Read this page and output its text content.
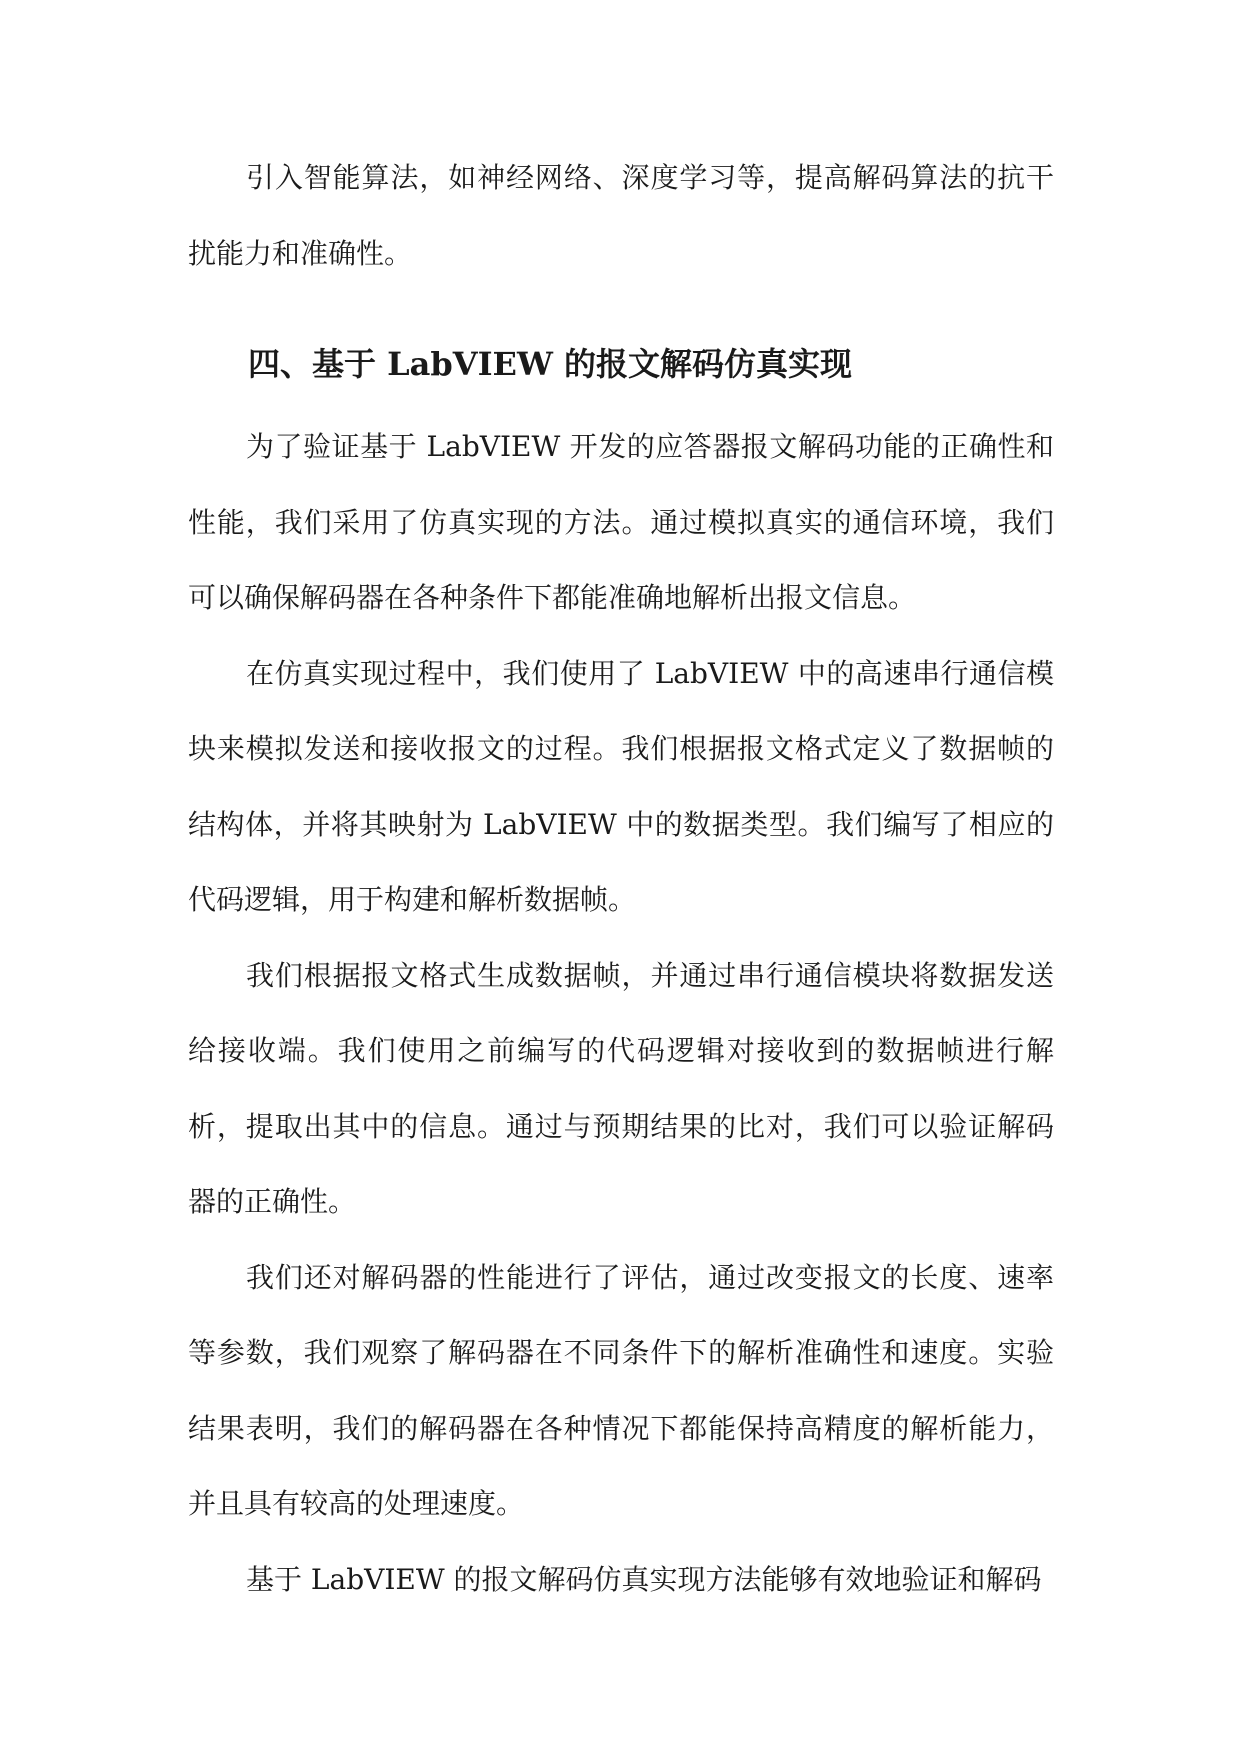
引入智能算法，如神经网络、深度学习等，提高解码算法的抗干扰能力和准确性。

四、基于 LabVIEW 的报文解码仿真实现

为了验证基于 LabVIEW 开发的应答器报文解码功能的正确性和性能，我们采用了仿真实现的方法。通过模拟真实的通信环境，我们可以确保解码器在各种条件下都能准确地解析出报文信息。

在仿真实现过程中，我们使用了 LabVIEW 中的高速串行通信模块来模拟发送和接收报文的过程。我们根据报文格式定义了数据帧的结构体，并将其映射为 LabVIEW 中的数据类型。我们编写了相应的代码逻辑，用于构建和解析数据帧。

我们根据报文格式生成数据帧，并通过串行通信模块将数据发送给接收端。我们使用之前编写的代码逻辑对接收到的数据帧进行解析，提取出其中的信息。通过与预期结果的比对，我们可以验证解码器的正确性。

我们还对解码器的性能进行了评估，通过改变报文的长度、速率等参数，我们观察了解码器在不同条件下的解析准确性和速度。实验结果表明，我们的解码器在各种情况下都能保持高精度的解析能力，并且具有较高的处理速度。

基于 LabVIEW 的报文解码仿真实现方法能够有效地验证和解码
